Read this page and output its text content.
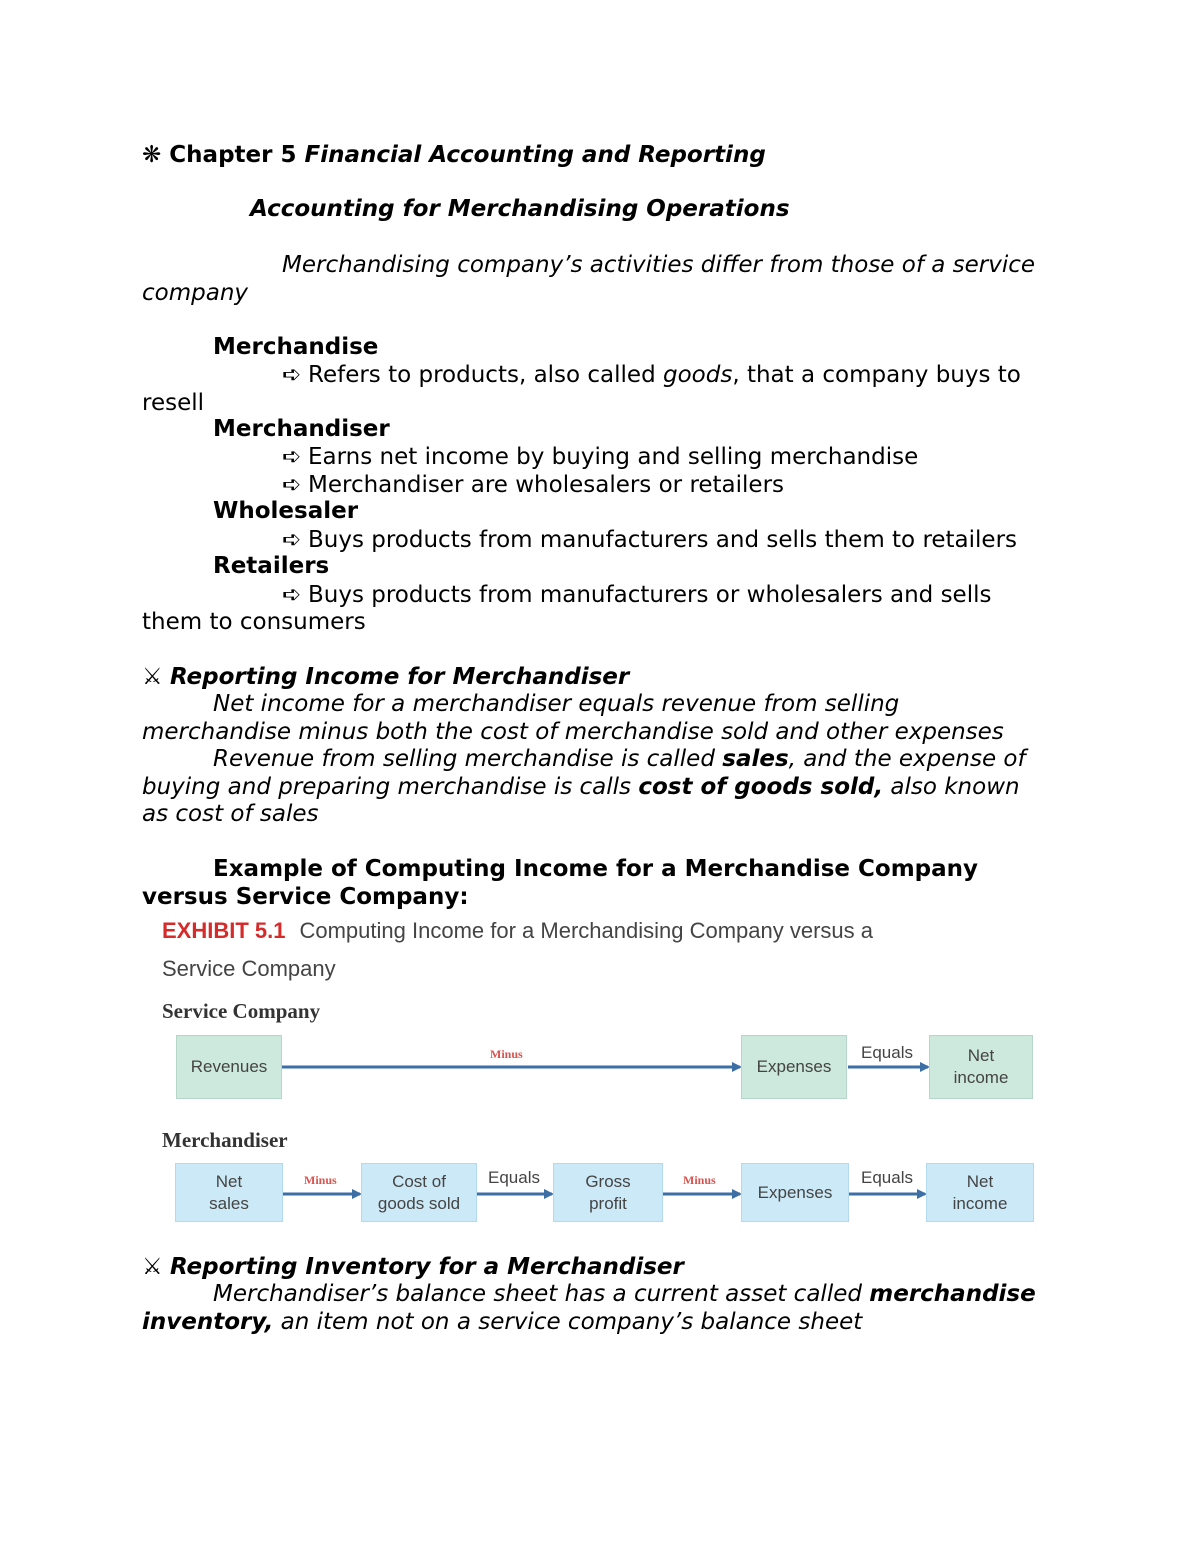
❋ Chapter 5 Financial Accounting and Reporting
Accounting for Merchandising Operations
Merchandising company’s activities differ from those of a service
company
Merchandise
➪ Refers to products, also called goods, that a company buys to
resell
Merchandiser
➪ Earns net income by buying and selling merchandise
➪ Merchandiser are wholesalers or retailers
Wholesaler
➪ Buys products from manufacturers and sells them to retailers
Retailers
➪ Buys products from manufacturers or wholesalers and sells
them to consumers
⚔ Reporting Income for Merchandiser
Net income for a merchandiser equals revenue from selling
merchandise minus both the cost of merchandise sold and other expenses
Revenue from selling merchandise is called sales, and the expense of
buying and preparing merchandise is calls cost of goods sold, also known
as cost of sales
Example of Computing Income for a Merchandise Company
versus Service Company:
EXHIBIT 5.1 Computing Income for a Merchandising Company versus a
Service Company
Service Company
Revenues
Minus
Expenses
Equals	Net
income
Merchandiser
Net
sales
Minus	Cost of
goods sold
Equals	Gross
profit
Minus
Expenses
Equals	Net
income
⚔ Reporting Inventory for a Merchandiser
Merchandiser’s balance sheet has a current asset called merchandise
inventory, an item not on a service company’s balance sheet
